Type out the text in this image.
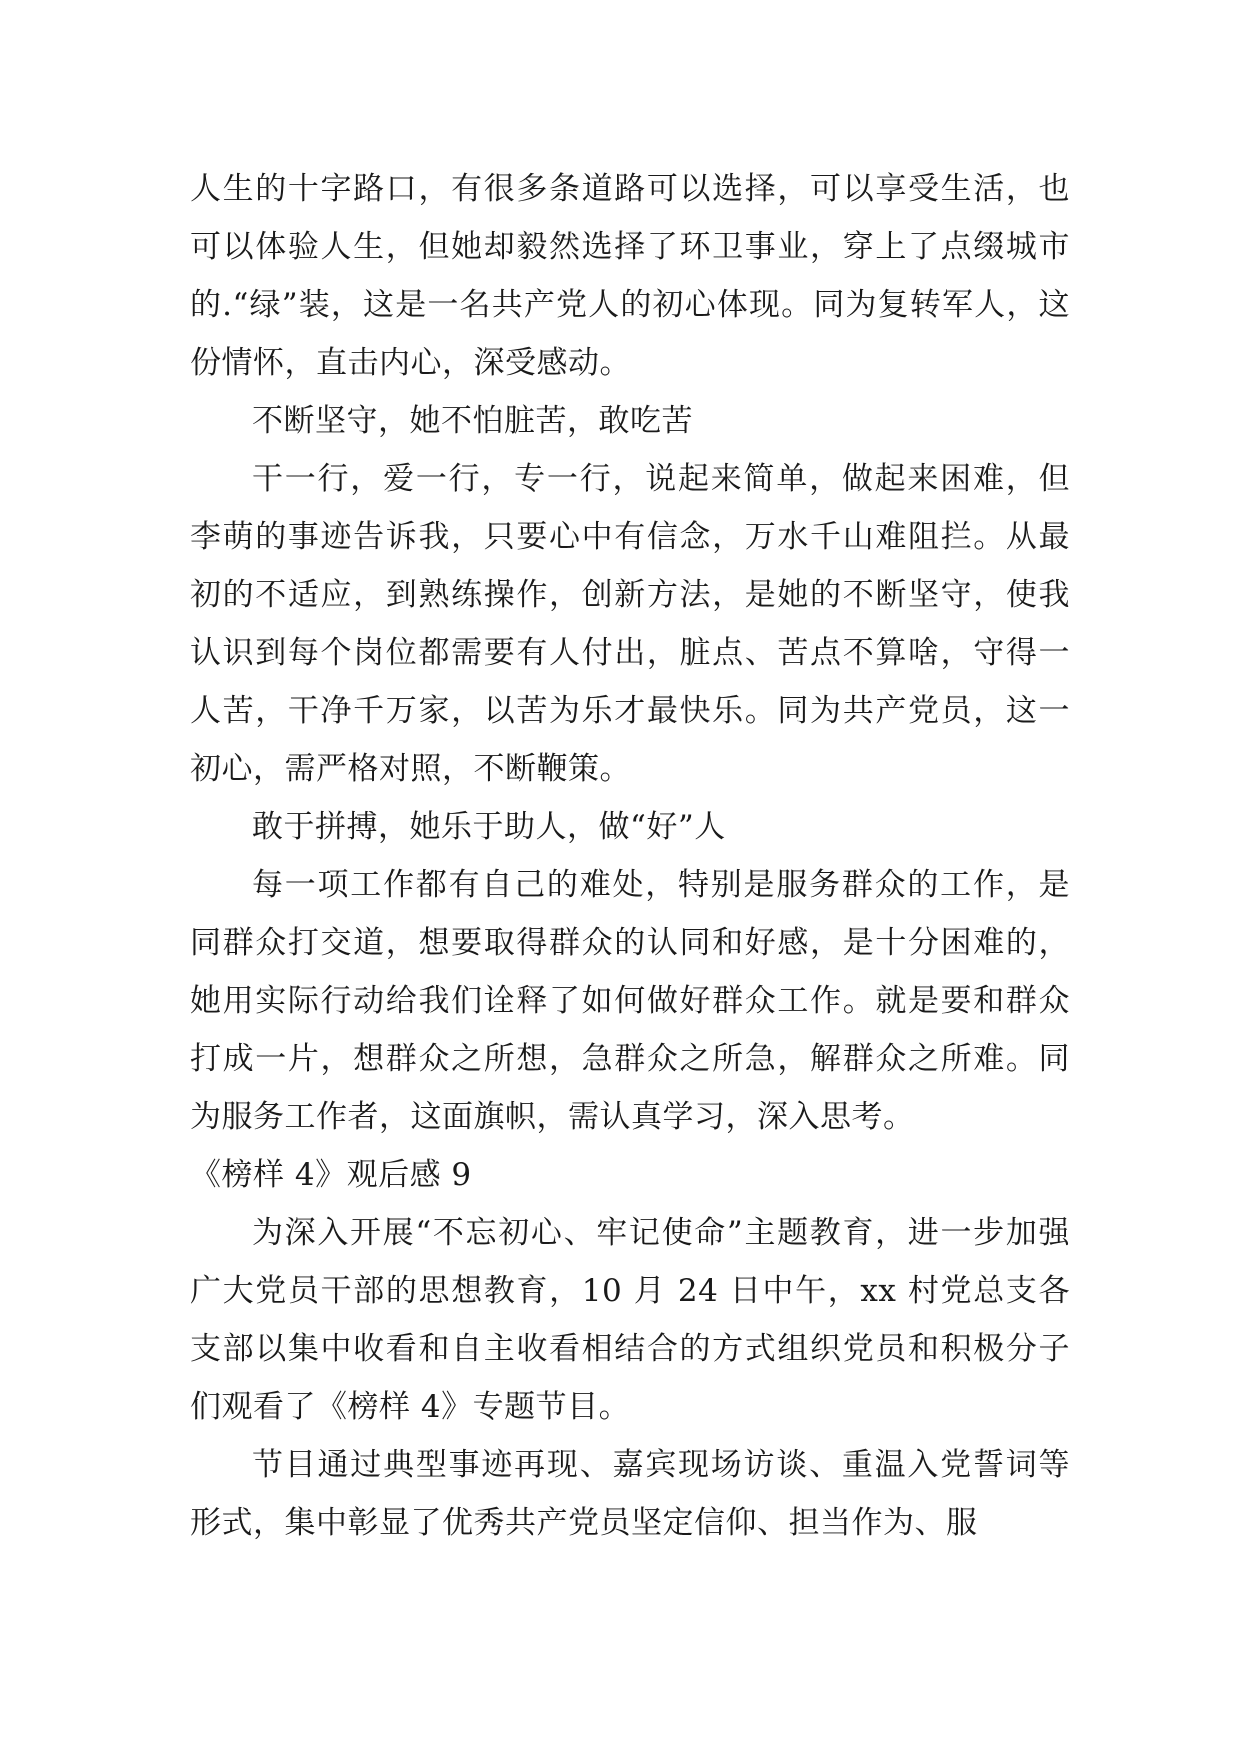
人生的十字路口，有很多条道路可以选择，可以享受生活，也可以体验人生，但她却毅然选择了环卫事业，穿上了点缀城市的.“绿”装，这是一名共产党人的初心体现。同为复转军人，这份情怀，直击内心，深受感动。

不断坚守，她不怕脏苦，敢吃苦

干一行，爱一行，专一行，说起来简单，做起来困难，但李萌的事迹告诉我，只要心中有信念，万水千山难阻拦。从最初的不适应，到熟练操作，创新方法，是她的不断坚守，使我认识到每个岗位都需要有人付出，脏点、苦点不算啥，守得一人苦，干净千万家，以苦为乐才最快乐。同为共产党员，这一初心，需严格对照，不断鞭策。

敢于拼搏，她乐于助人，做“好”人

每一项工作都有自己的难处，特别是服务群众的工作，是同群众打交道，想要取得群众的认同和好感，是十分困难的，她用实际行动给我们诠释了如何做好群众工作。就是要和群众打成一片，想群众之所想，急群众之所急，解群众之所难。同为服务工作者，这面旗帜，需认真学习，深入思考。

《榜样 4》观后感 9

为深入开展“不忘初心、牢记使命”主题教育，进一步加强广大党员干部的思想教育，10 月 24 日中午，xx 村党总支各支部以集中收看和自主收看相结合的方式组织党员和积极分子们观看了《榜样 4》专题节目。

节目通过典型事迹再现、嘉宾现场访谈、重温入党誓词等形式，集中彰显了优秀共产党员坚定信仰、担当作为、服
